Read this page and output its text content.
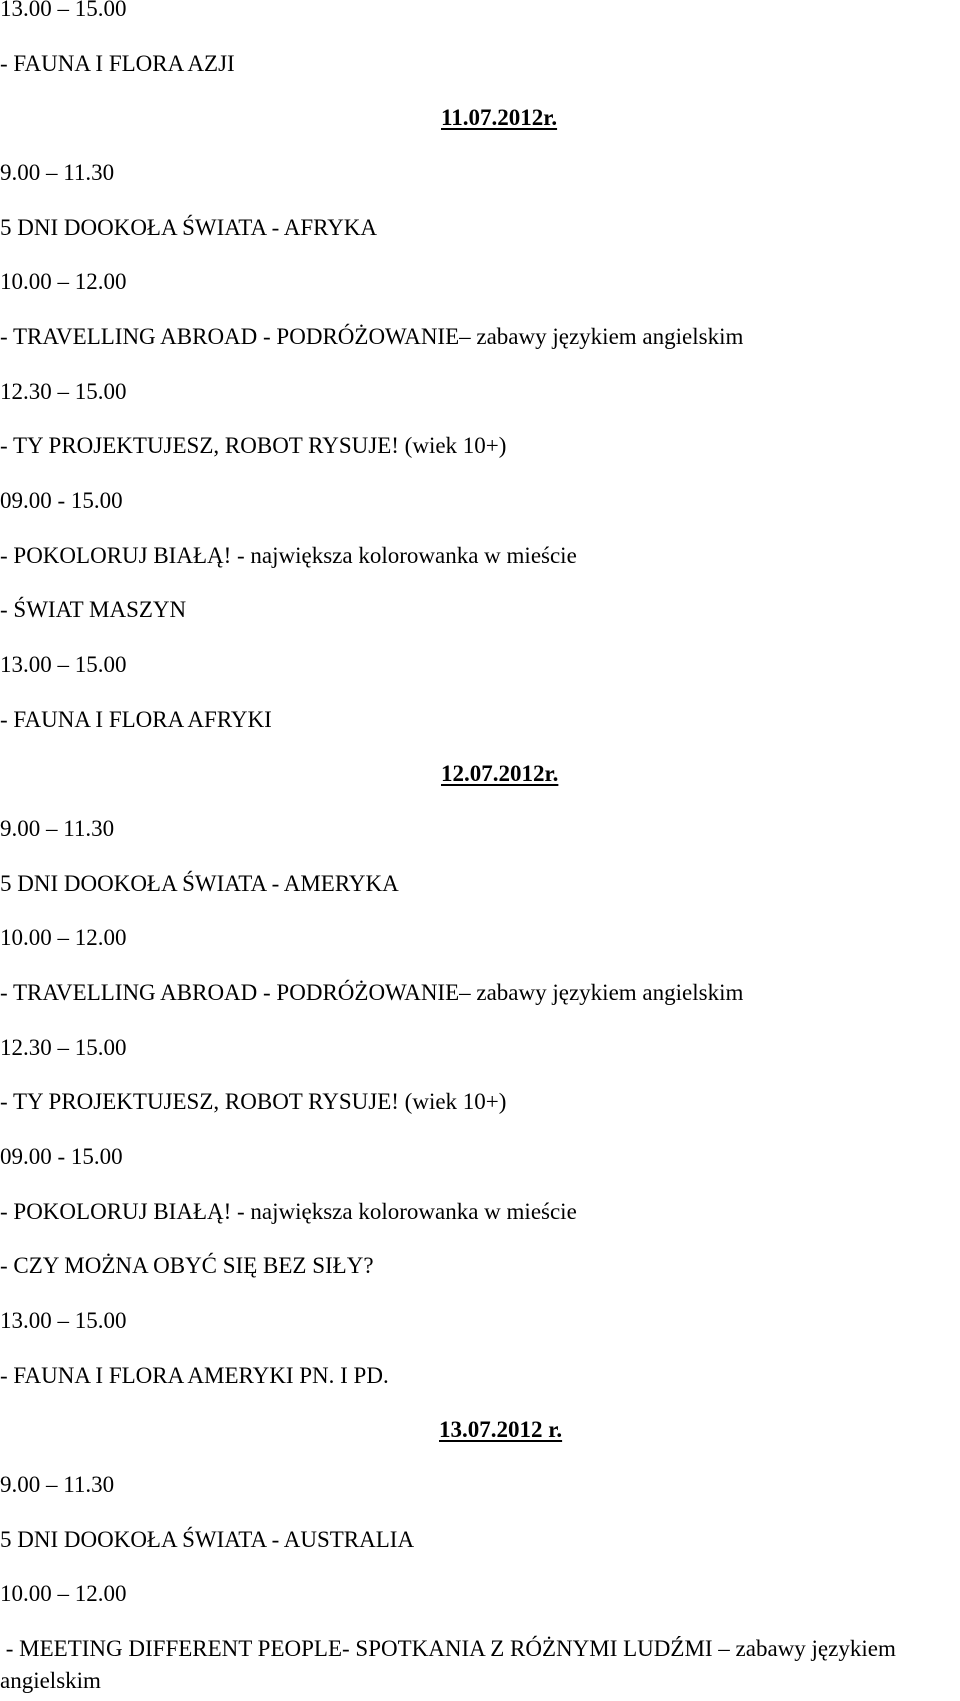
13.00 – 15.00
- FAUNA I FLORA AZJI
11.07.2012r.
9.00 – 11.30
5 DNI DOOKOŁA ŚWIATA - AFRYKA
10.00 – 12.00
- TRAVELLING ABROAD - PODRÓŻOWANIE– zabawy językiem angielskim
12.30 – 15.00
- TY PROJEKTUJESZ, ROBOT RYSUJE! (wiek 10+)
09.00 - 15.00
- POKOLORUJ BIAŁĄ! - największa kolorowanka w mieście
- ŚWIAT MASZYN
13.00 – 15.00
- FAUNA I FLORA AFRYKI
12.07.2012r.
9.00 – 11.30
5 DNI DOOKOŁA ŚWIATA - AMERYKA
10.00 – 12.00
- TRAVELLING ABROAD - PODRÓŻOWANIE– zabawy językiem angielskim
12.30 – 15.00
- TY PROJEKTUJESZ, ROBOT RYSUJE! (wiek 10+)
09.00 - 15.00
- POKOLORUJ BIAŁĄ! - największa kolorowanka w mieście
- CZY MOŻNA OBYĆ SIĘ BEZ SIŁY?
13.00 – 15.00
- FAUNA I FLORA AMERYKI PN. I PD.
13.07.2012 r.
9.00 – 11.30
5 DNI DOOKOŁA ŚWIATA - AUSTRALIA
10.00 – 12.00
- MEETING DIFFERENT PEOPLE- SPOTKANIA Z RÓŻNYMI LUDŹMI – zabawy językiem
angielskim
